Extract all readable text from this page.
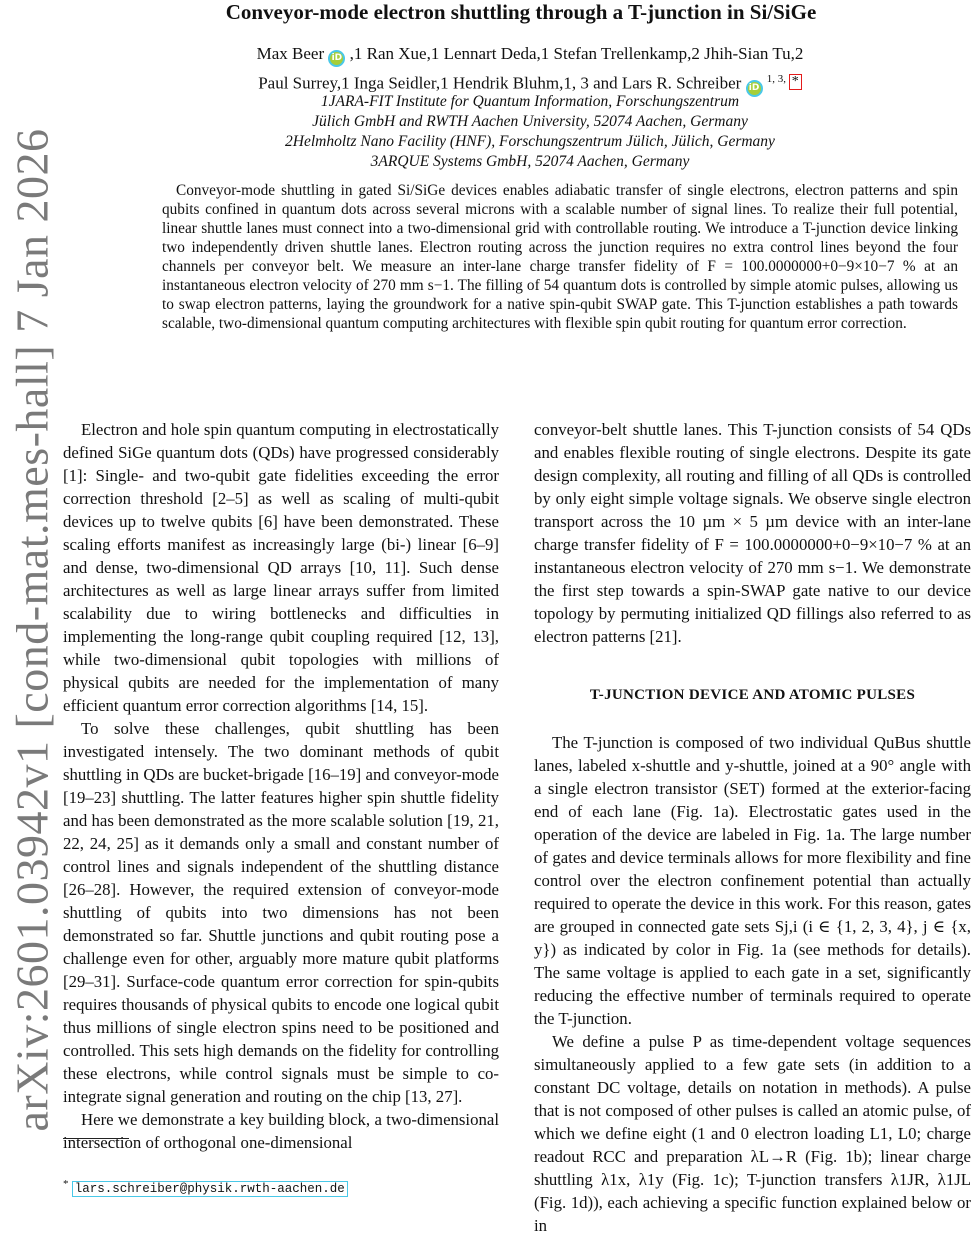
arXiv:2601.03942v1 [cond-mat.mes-hall] 7 Jan 2026
Conveyor-mode electron shuttling through a T-junction in Si/SiGe
Max Beer iD ,1 Ran Xue,1 Lennart Deda,1 Stefan Trellenkamp,2 Jhih-Sian Tu,2
Paul Surrey,1 Inga Seidler,1 Hendrik Bluhm,1, 3 and Lars R. Schreiber iD $^{1, 3,}$ *
1JARA-FIT Institute for Quantum Information, Forschungszentrum
Jülich GmbH and RWTH Aachen University, 52074 Aachen, Germany
2Helmholtz Nano Facility (HNF), Forschungszentrum Jülich, Jülich, Germany
3ARQUE Systems GmbH, 52074 Aachen, Germany

Conveyor-mode shuttling in gated Si/SiGe devices enables adiabatic transfer of single electrons, electron patterns and spin qubits confined in quantum dots across several microns with a scalable number of signal lines. To realize their full potential, linear shuttle lanes must connect into a two-dimensional grid with controllable routing. We introduce a T-junction device linking two independently driven shuttle lanes. Electron routing across the junction requires no extra control lines beyond the four channels per conveyor belt. We measure an inter-lane charge transfer fidelity of F = 100.0000000+0−9×10−7 % at an instantaneous electron velocity of 270 mm s−1. The filling of 54 quantum dots is controlled by simple atomic pulses, allowing us to swap electron patterns, laying the groundwork for a native spin-qubit SWAP gate. This T-junction establishes a path towards scalable, two-dimensional quantum computing architectures with flexible spin qubit routing for quantum error correction.

Electron and hole spin quantum computing in electrostatically defined SiGe quantum dots (QDs) have progressed considerably [1]: Single- and two-qubit gate fidelities exceeding the error correction threshold [2–5] as well as scaling of multi-qubit devices up to twelve qubits [6] have been demonstrated. These scaling efforts manifest as increasingly large (bi-) linear [6–9] and dense, two-dimensional QD arrays [10, 11]. Such dense architectures as well as large linear arrays suffer from limited scalability due to wiring bottlenecks and difficulties in implementing the long-range qubit coupling required [12, 13], while two-dimensional qubit topologies with millions of physical qubits are needed for the implementation of many efficient quantum error correction algorithms [14, 15].

To solve these challenges, qubit shuttling has been investigated intensely. The two dominant methods of qubit shuttling in QDs are bucket-brigade [16–19] and conveyor-mode [19–23] shuttling. The latter features higher spin shuttle fidelity and has been demonstrated as the more scalable solution [19, 21, 22, 24, 25] as it demands only a small and constant number of control lines and signals independent of the shuttling distance [26–28]. However, the required extension of conveyor-mode shuttling of qubits into two dimensions has not been demonstrated so far. Shuttle junctions and qubit routing pose a challenge even for other, arguably more mature qubit platforms [29–31]. Surface-code quantum error correction for spin-qubits requires thousands of physical qubits to encode one logical qubit thus millions of single electron spins need to be positioned and controlled. This sets high demands on the fidelity for controlling these electrons, while control signals must be simple to co-integrate signal generation and routing on the chip [13, 27].

Here we demonstrate a key building block, a two-dimensional intersection of orthogonal one-dimensional

conveyor-belt shuttle lanes. This T-junction consists of 54 QDs and enables flexible routing of single electrons. Despite its gate design complexity, all routing and filling of all QDs is controlled by only eight simple voltage signals. We observe single electron transport across the 10 µm × 5 µm device with an inter-lane charge transfer fidelity of F = 100.0000000+0−9×10−7 % at an instantaneous electron velocity of 270 mm s−1. We demonstrate the first step towards a spin-SWAP gate native to our device topology by permuting initialized QD fillings also referred to as electron patterns [21].

T-JUNCTION DEVICE AND ATOMIC PULSES

The T-junction is composed of two individual QuBus shuttle lanes, labeled x-shuttle and y-shuttle, joined at a 90° angle with a single electron transistor (SET) formed at the exterior-facing end of each lane (Fig. 1a). Electrostatic gates used in the operation of the device are labeled in Fig. 1a. The large number of gates and device terminals allows for more flexibility and fine control over the electron confinement potential than actually required to operate the device in this work. For this reason, gates are grouped in connected gate sets Sj,i (i ∈ {1, 2, 3, 4}, j ∈ {x, y}) as indicated by color in Fig. 1a (see methods for details). The same voltage is applied to each gate in a set, significantly reducing the effective number of terminals required to operate the T-junction.

We define a pulse P as time-dependent voltage sequences simultaneously applied to a few gate sets (in addition to a constant DC voltage, details on notation in methods). A pulse that is not composed of other pulses is called an atomic pulse, of which we define eight (1 and 0 electron loading L1, L0; charge readout RCC and preparation λL→R (Fig. 1b); linear charge shuttling λ1x, λ1y (Fig. 1c); T-junction transfers λ1JR, λ1JL (Fig. 1d)), each achieving a specific function explained below or in

* lars.schreiber@physik.rwth-aachen.de
